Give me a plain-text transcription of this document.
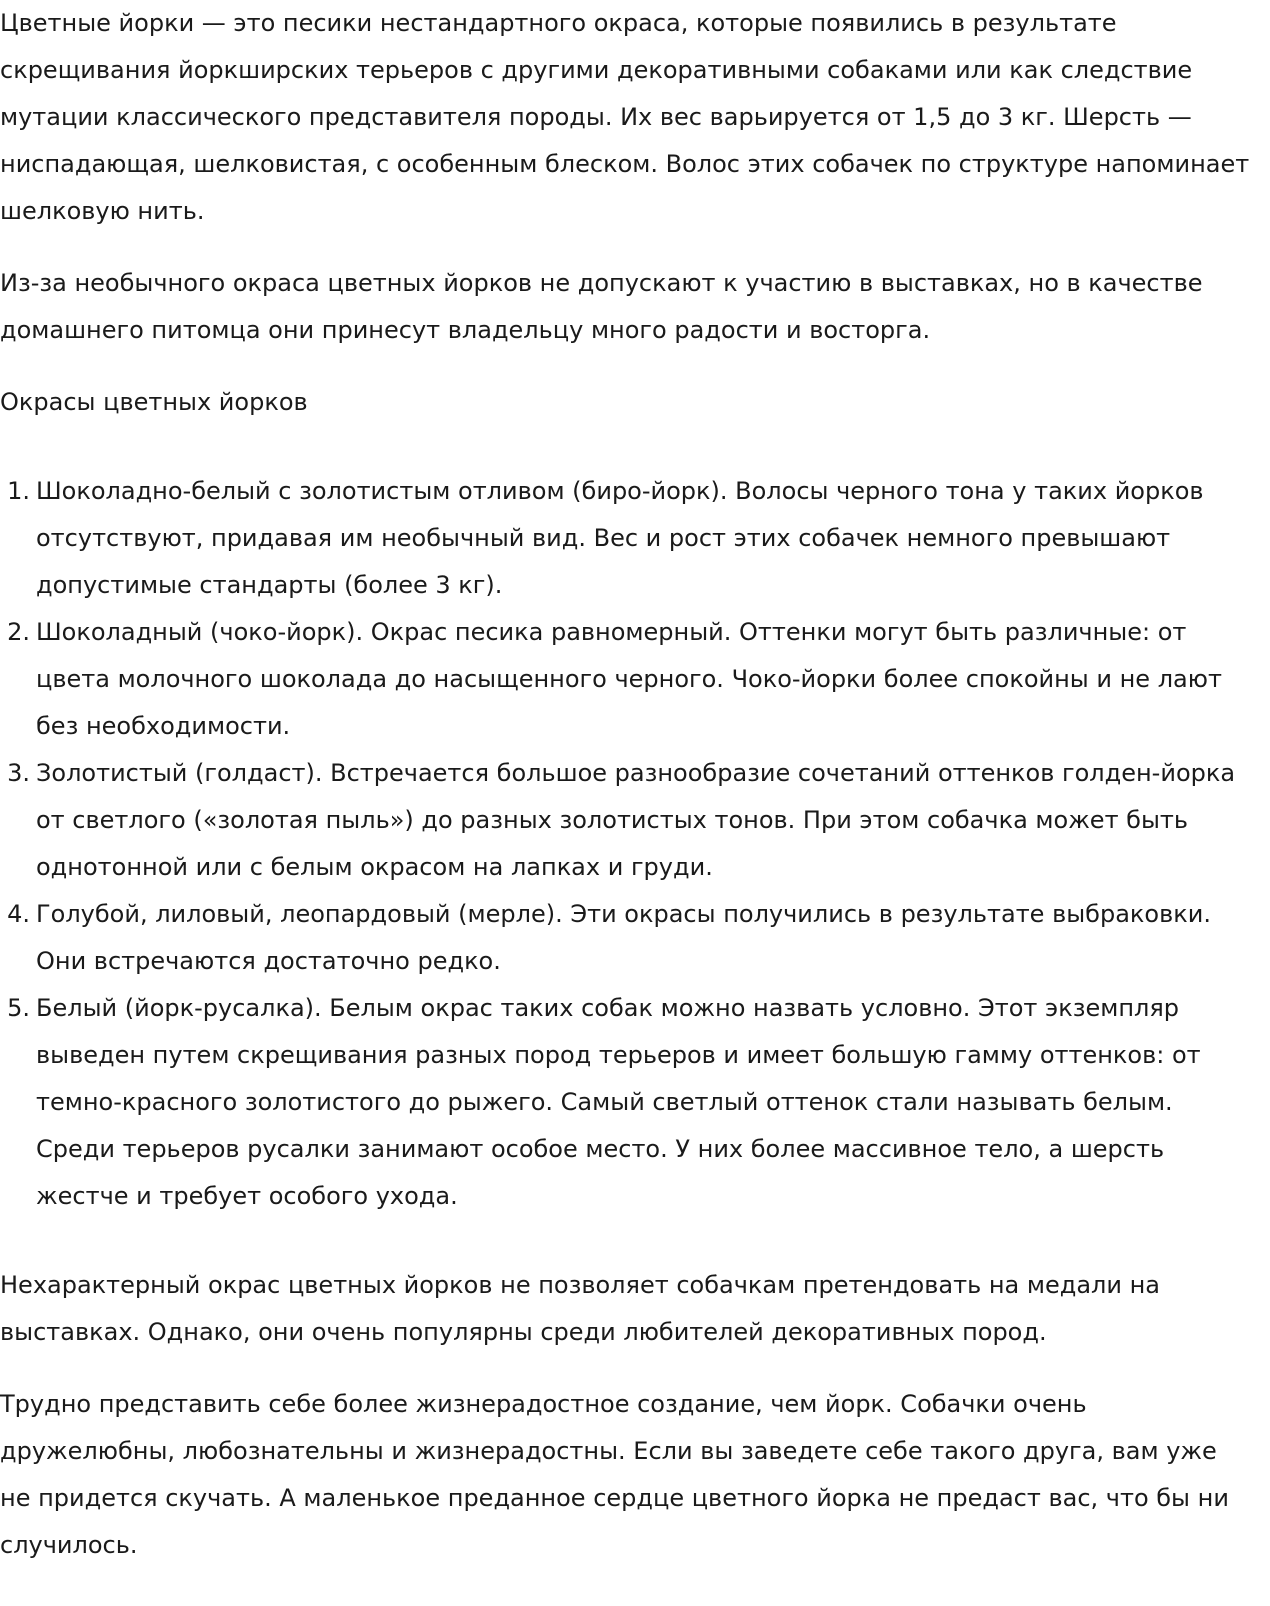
Цветные йорки — это песики нестандартного окраса, которые появились в результате скрещивания йоркширских терьеров с другими декоративными собаками или как следствие мутации классического представителя породы. Их вес варьируется от 1,5 до 3 кг. Шерсть — ниспадающая, шелковистая, с особенным блеском. Волос этих собачек по структуре напоминает шелковую нить.

Из-за необычного окраса цветных йорков не допускают к участию в выставках, но в качестве домашнего питомца они принесут владельцу много радости и восторга.

Окрасы цветных йорков

1. Шоколадно-белый с золотистым отливом (биро-йорк). Волосы черного тона у таких йорков отсутствуют, придавая им необычный вид. Вес и рост этих собачек немного превышают допустимые стандарты (более 3 кг).
2. Шоколадный (чоко-йорк). Окрас песика равномерный. Оттенки могут быть различные: от цвета молочного шоколада до насыщенного черного. Чоко-йорки более спокойны и не лают без необходимости.
3. Золотистый (голдаст). Встречается большое разнообразие сочетаний оттенков голден-йорка от светлого («золотая пыль») до разных золотистых тонов. При этом собачка может быть однотонной или с белым окрасом на лапках и груди.
4. Голубой, лиловый, леопардовый (мерле). Эти окрасы получились в результате выбраковки. Они встречаются достаточно редко.
5. Белый (йорк-русалка). Белым окрас таких собак можно назвать условно. Этот экземпляр выведен путем скрещивания разных пород терьеров и имеет большую гамму оттенков: от темно-красного золотистого до рыжего. Самый светлый оттенок стали называть белым. Среди терьеров русалки занимают особое место. У них более массивное тело, а шерсть жестче и требует особого ухода.

Нехарактерный окрас цветных йорков не позволяет собачкам претендовать на медали на выставках. Однако, они очень популярны среди любителей декоративных пород.

Трудно представить себе более жизнерадостное создание, чем йорк. Собачки очень дружелюбны, любознательны и жизнерадостны. Если вы заведете себе такого друга, вам уже не придется скучать. А маленькое преданное сердце цветного йорка не предаст вас, что бы ни случилось.
